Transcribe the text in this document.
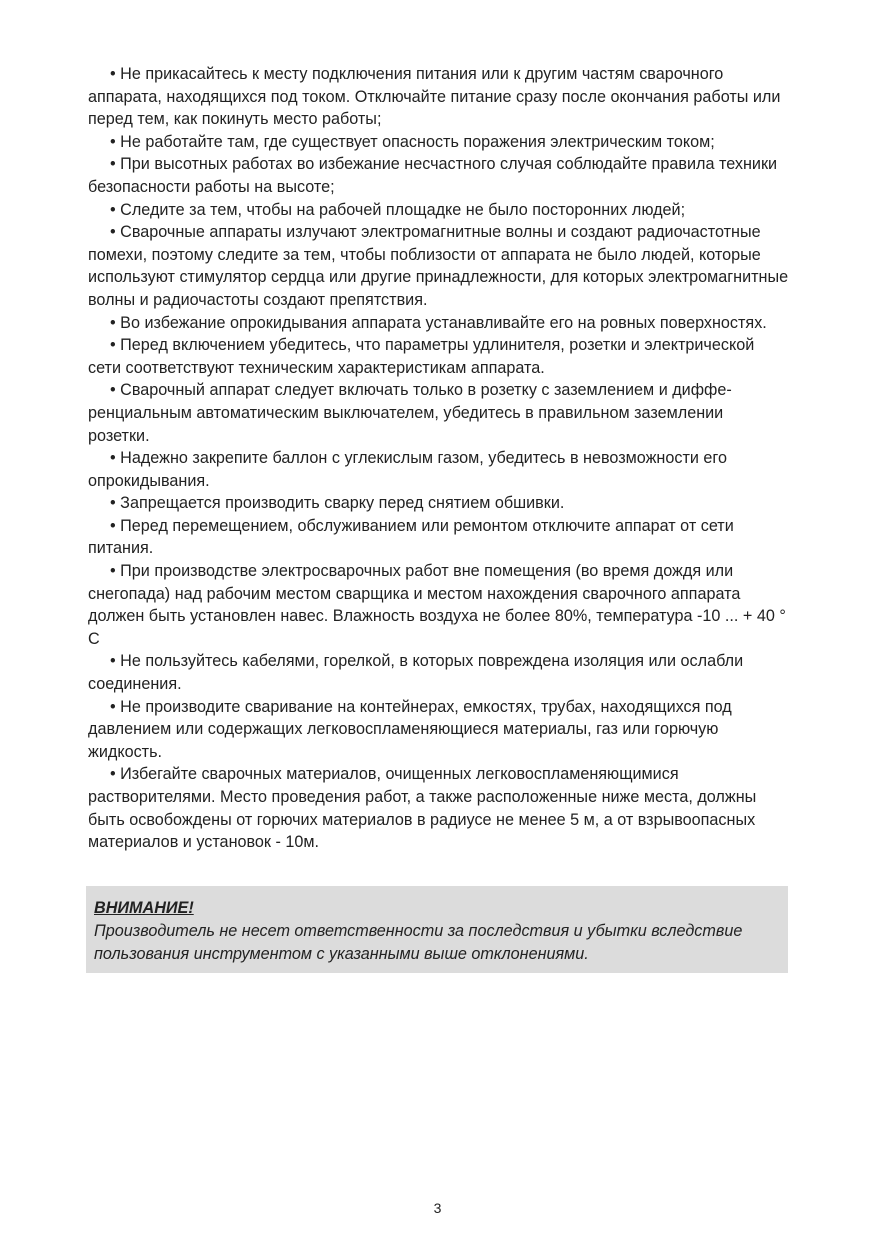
• Не прикасайтесь к месту подключения питания или к другим частям сварочного аппарата, находящихся под током. Отключайте питание сразу после окончания работы или перед тем, как покинуть место работы;

• Не работайте там, где существует опасность поражения электрическим током;

• При высотных работах во избежание несчастного случая соблюдайте правила техники безопасности работы на высоте;

• Следите за тем, чтобы на рабочей площадке не было посторонних людей;

• Сварочные аппараты излучают электромагнитные волны и создают радиочастотные помехи, поэтому следите за тем, чтобы поблизости от аппарата не было людей, которые используют стимулятор сердца или другие принадлежности, для которых электромагнитные волны и радиочастоты создают препятствия.

• Во избежание опрокидывания аппарата устанавливайте его на ровных поверхностях.

• Перед включением убедитесь, что параметры удлинителя, розетки и электрической сети соответствуют техническим характеристикам аппарата.

• Сварочный аппарат следует включать только в розетку с заземлением и дифференциальным автоматическим выключателем, убедитесь в правильном заземлении розетки.

• Надежно закрепите баллон с углекислым газом, убедитесь в невозможности его опрокидывания.

• Запрещается производить сварку перед снятием обшивки.

• Перед перемещением, обслуживанием или ремонтом отключите аппарат от сети питания.

• При производстве электросварочных работ вне помещения (во время дождя или снегопада) над рабочим местом сварщика и местом нахождения сварочного аппарата должен быть установлен навес. Влажность воздуха не более 80%, температура -10 ... + 40 ° С

• Не пользуйтесь кабелями, горелкой, в которых повреждена изоляция или ослабли соединения.

• Не производите сваривание на контейнерах, емкостях, трубах, находящихся под давлением или содержащих легковоспламеняющиеся материалы, газ или горючую жидкость.

• Избегайте сварочных материалов, очищенных легковоспламеняющимися растворителями. Место проведения работ, а также расположенные ниже места, должны быть освобождены от горючих материалов в радиусе не менее 5 м, а от взрывоопасных материалов и установок - 10м.

ВНИМАНИЕ!
Производитель не несет ответственности за последствия и убытки вследствие пользования инструментом с указанными выше отклонениями.
3
